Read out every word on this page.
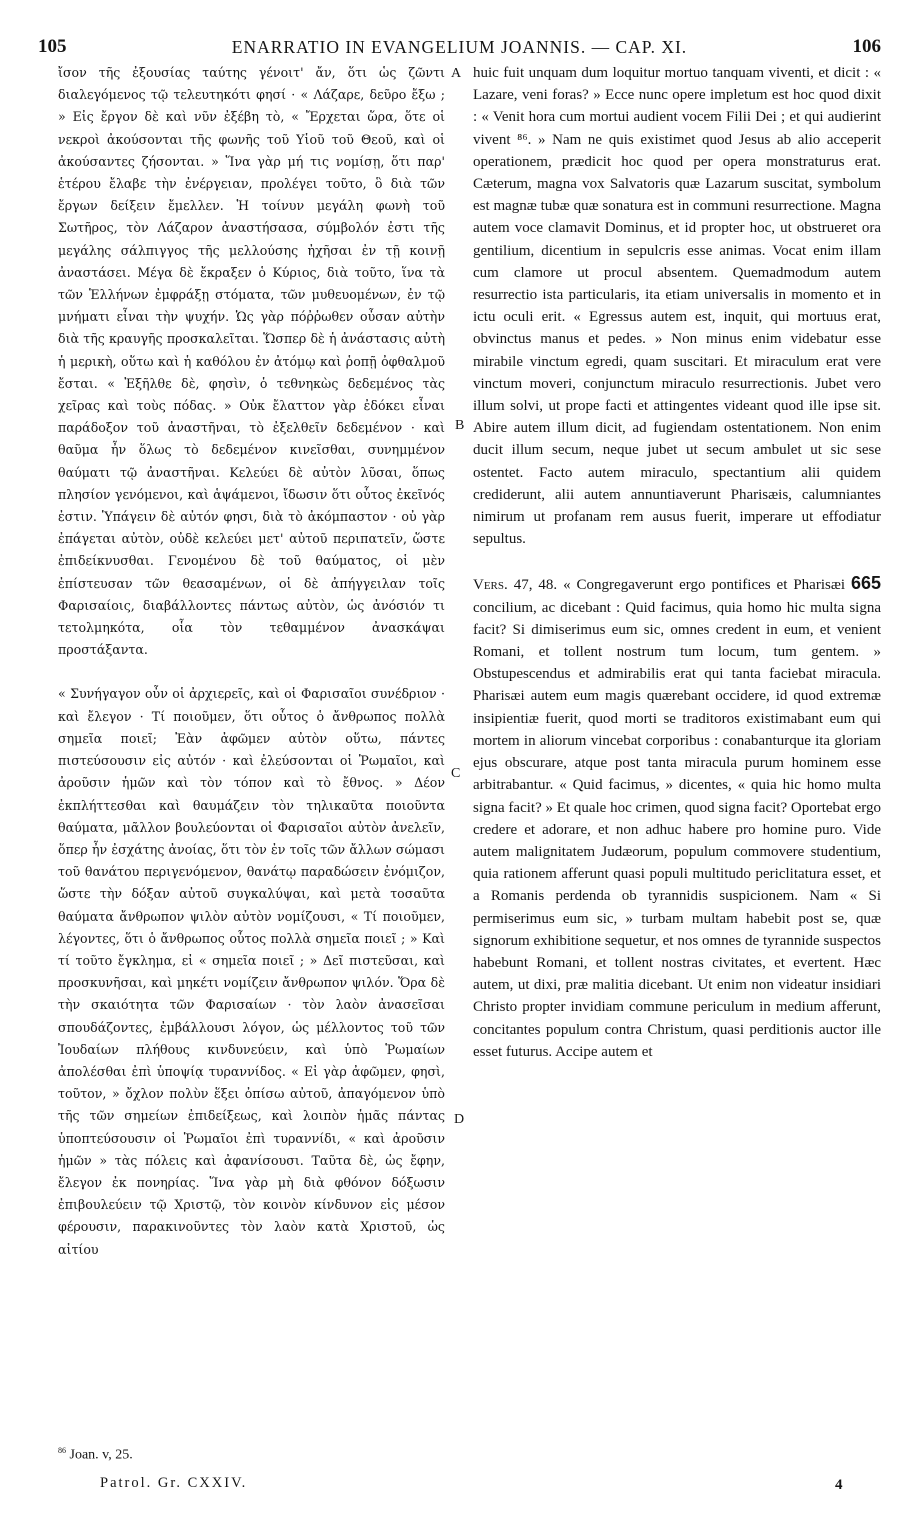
105	ENARRATIO IN EVANGELIUM JOANNIS. — CAP. XI.	106

ἴσον τῆς ἐξουσίας ταύτης γένοιτ' ἄν, ὅτι ὡς ζῶντι διαλεγόμενος τῷ τελευτηκότι φησί · « Λάζαρε, δεῦρο ἔξω ; » Εἰς ἔργον δὲ καὶ νῦν ἐξέβη τὸ, « Ἔρχεται ὥρα, ὅτε οἱ νεκροὶ ἀκούσονται τῆς φωνῆς τοῦ Υἱοῦ τοῦ Θεοῦ, καὶ οἱ ἀκούσαντες ζήσονται. » Ἵνα γὰρ μή τις νομίσῃ, ὅτι παρ' ἑτέρου ἔλαβε τὴν ἐνέργειαν, προλέγει τοῦτο, ὃ διὰ τῶν ἔργων δείξειν ἔμελλεν. Ἡ τοίνυν μεγάλη φωνὴ τοῦ Σωτῆρος, τὸν Λάζαρον ἀναστήσασα, σύμβολόν ἐστι τῆς μεγάλης σάλπιγγος τῆς μελλούσης ἠχῆσαι ἐν τῇ κοινῇ ἀναστάσει. Μέγα δὲ ἔκραξεν ὁ Κύριος, διὰ τοῦτο, ἵνα τὰ τῶν Ἑλλήνων ἐμφράξῃ στόματα, τῶν μυθευομένων, ἐν τῷ μνήματι εἶναι τὴν ψυχήν. Ὡς γὰρ πόῤῥωθεν οὖσαν αὐτὴν διὰ τῆς κραυγῆς προσκαλεῖται. Ὥσπερ δὲ ἡ ἀνάστασις αὐτὴ ἡ μερικὴ, οὕτω καὶ ἡ καθόλου ἐν ἀτόμῳ καὶ ῥοπῇ ὀφθαλμοῦ ἔσται. « Ἐξῆλθε δὲ, φησὶν, ὁ τεθνηκὼς δεδεμένος τὰς χεῖρας καὶ τοὺς πόδας. » Οὐκ ἔλαττον γὰρ ἐδόκει εἶναι παράδοξον τοῦ ἀναστῆναι, τὸ ἐξελθεῖν δεδεμένον · καὶ θαῦμα ἦν ὅλως τὸ δεδεμένον κινεῖσθαι, συνημμένον θαύματι τῷ ἀναστῆναι. Κελεύει δὲ αὐτὸν λῦσαι, ὅπως πλησίον γενόμενοι, καὶ ἁψάμενοι, ἴδωσιν ὅτι οὗτος ἐκεῖνός ἐστιν. Ὑπάγειν δὲ αὐτόν φησι, διὰ τὸ ἀκόμπαστον · οὐ γὰρ ἐπάγεται αὐτὸν, οὐδὲ κελεύει μετ' αὐτοῦ περιπατεῖν, ὥστε ἐπιδείκνυσθαι. Γενομένου δὲ τοῦ θαύματος, οἱ μὲν ἐπίστευσαν τῶν θεασαμένων, οἱ δὲ ἀπήγγειλαν τοῖς Φαρισαίοις, διαβάλλοντες πάντως αὐτὸν, ὡς ἀνόσιόν τι τετολμηκότα, οἷα τὸν τεθαμμένον ἀνασκάψαι προστάξαντα.

« Συνήγαγον οὖν οἱ ἀρχιερεῖς, καὶ οἱ Φαρισαῖοι συνέδριον · καὶ ἔλεγον · Τί ποιοῦμεν, ὅτι οὗτος ὁ ἄνθρωπος πολλὰ σημεῖα ποιεῖ; Ἐὰν ἀφῶμεν αὐτὸν οὕτω, πάντες πιστεύσουσιν εἰς αὐτόν · καὶ ἐλεύσονται οἱ Ῥωμαῖοι, καὶ ἀροῦσιν ἡμῶν καὶ τὸν τόπον καὶ τὸ ἔθνος. » Δέον ἐκπλήττεσθαι καὶ θαυμάζειν τὸν τηλικαῦτα ποιοῦντα θαύματα, μᾶλλον βουλεύονται οἱ Φαρισαῖοι αὐτὸν ἀνελεῖν, ὅπερ ἦν ἐσχάτης ἀνοίας, ὅτι τὸν ἐν τοῖς τῶν ἄλλων σώμασι τοῦ θανάτου περιγενόμενον, θανάτῳ παραδώσειν ἐνόμιζον, ὥστε τὴν δόξαν αὐτοῦ συγκαλύψαι, καὶ μετὰ τοσαῦτα θαύματα ἄνθρωπον ψιλὸν αὐτὸν νομίζουσι, « Τί ποιοῦμεν, λέγοντες, ὅτι ὁ ἄνθρωπος οὗτος πολλὰ σημεῖα ποιεῖ ; » Καὶ τί τοῦτο ἔγκλημα, εἰ « σημεῖα ποιεῖ ; » Δεῖ πιστεῦσαι, καὶ προσκυνῆσαι, καὶ μηκέτι νομίζειν ἄνθρωπον ψιλόν. Ὅρα δὲ τὴν σκαιότητα τῶν Φαρισαίων · τὸν λαὸν ἀνασεῖσαι σπουδάζοντες, ἐμβάλλουσι λόγον, ὡς μέλλοντος τοῦ τῶν Ἰουδαίων πλήθους κινδυνεύειν, καὶ ὑπὸ Ῥωμαίων ἀπολέσθαι ἐπὶ ὑποψίᾳ τυραννίδος. « Εἰ γὰρ ἀφῶμεν, φησὶ, τοῦτον, » ὄχλον πολὺν ἕξει ὀπίσω αὐτοῦ, ἀπαγόμενον ὑπὸ τῆς τῶν σημείων ἐπιδείξεως, καὶ λοιπὸν ἡμᾶς πάντας ὑποπτεύσουσιν οἱ Ῥωμαῖοι ἐπὶ τυραννίδι, « καὶ ἀροῦσιν ἡμῶν » τὰς πόλεις καὶ ἀφανίσουσι. Ταῦτα δὲ, ὡς ἔφην, ἔλεγον ἐκ πονηρίας. Ἵνα γὰρ μὴ διὰ φθόνον δόξωσιν ἐπιβουλεύειν τῷ Χριστῷ, τὸν κοινὸν κίνδυνον εἰς μέσον φέρουσιν, παρακινοῦντες τὸν λαὸν κατὰ Χριστοῦ, ὡς αἰτίου

huic fuit unquam dum loquitur mortuo tanquam viventi, et dicit : « Lazare, veni foras? » Ecce nunc opere impletum est hoc quod dixit : « Venit hora cum mortui audient vocem Filii Dei ; et qui audierint vivent ⁸⁶. » Nam ne quis existimet quod Jesus ab alio acceperit operationem, prædicit hoc quod per opera monstraturus erat. Cæterum, magna vox Salvatoris quæ Lazarum suscitat, symbolum est magnæ tubæ quæ sonatura est in communi resurrectione. Magna autem voce clamavit Dominus, et id propter hoc, ut obstrueret ora gentilium, dicentium in sepulcris esse animas. Vocat enim illam cum clamore ut procul absentem. Quemadmodum autem resurrectio ista particularis, ita etiam universalis in momento et in ictu oculi erit. « Egressus autem est, inquit, qui mortuus erat, obvinctus manus et pedes. » Non minus enim videbatur esse mirabile vinctum egredi, quam suscitari. Et miraculum erat vere vinctum moveri, conjunctum miraculo resurrectionis. Jubet vero illum solvi, ut prope facti et attingentes videant quod ille ipse sit. Abire autem illum dicit, ad fugiendam ostentationem. Non enim ducit illum secum, neque jubet ut secum ambulet ut sic sese ostentet. Facto autem miraculo, spectantium alii quidem crediderunt, alii autem annuntiaverunt Pharisæis, calumniantes nimirum ut profanam rem ausus fuerit, imperare ut effodiatur sepultus.

Vers. 47, 48. « Congregaverunt ergo pontifices et Pharisæi 665 concilium, ac dicebant : Quid facimus, quia homo hic multa signa facit? Si dimiserimus eum sic, omnes credent in eum, et venient Romani, et tollent nostrum tum locum, tum gentem. » Obstupescendus et admirabilis erat qui tanta faciebat miracula. Pharisæi autem eum magis quærebant occidere, id quod extremæ insipientiæ fuerit, quod morti se traditoros existimabant eum qui mortem in aliorum vincebat corporibus : conabanturque ita gloriam ejus obscurare, atque post tanta miracula purum hominem esse arbitrabantur. « Quid facimus, » dicentes, « quia hic homo multa signa facit? » Et quale hoc crimen, quod signa facit? Oportebat ergo credere et adorare, et non adhuc habere pro homine puro. Vide autem malignitatem Judæorum, populum commovere studentium, quia rationem afferunt quasi populi multitudo periclitatura esset, et a Romanis perdenda ob tyrannidis suspicionem. Nam « Si permiserimus eum sic, » turbam multam habebit post se, quæ signorum exhibitione sequetur, et nos omnes de tyrannide suspectos habebunt Romani, et tollent nostras civitates, et evertent. Hæc autem, ut dixi, præ malitia dicebant. Ut enim non videatur insidiari Christo propter invidiam commune periculum in medium afferunt, concitantes populum contra Christum, quasi perditionis auctor ille esset futurus. Accipe autem et

A
B
C
D
$^{86}$ Joan. v, 25.
Patrol. Gr. CXXIV.	4
